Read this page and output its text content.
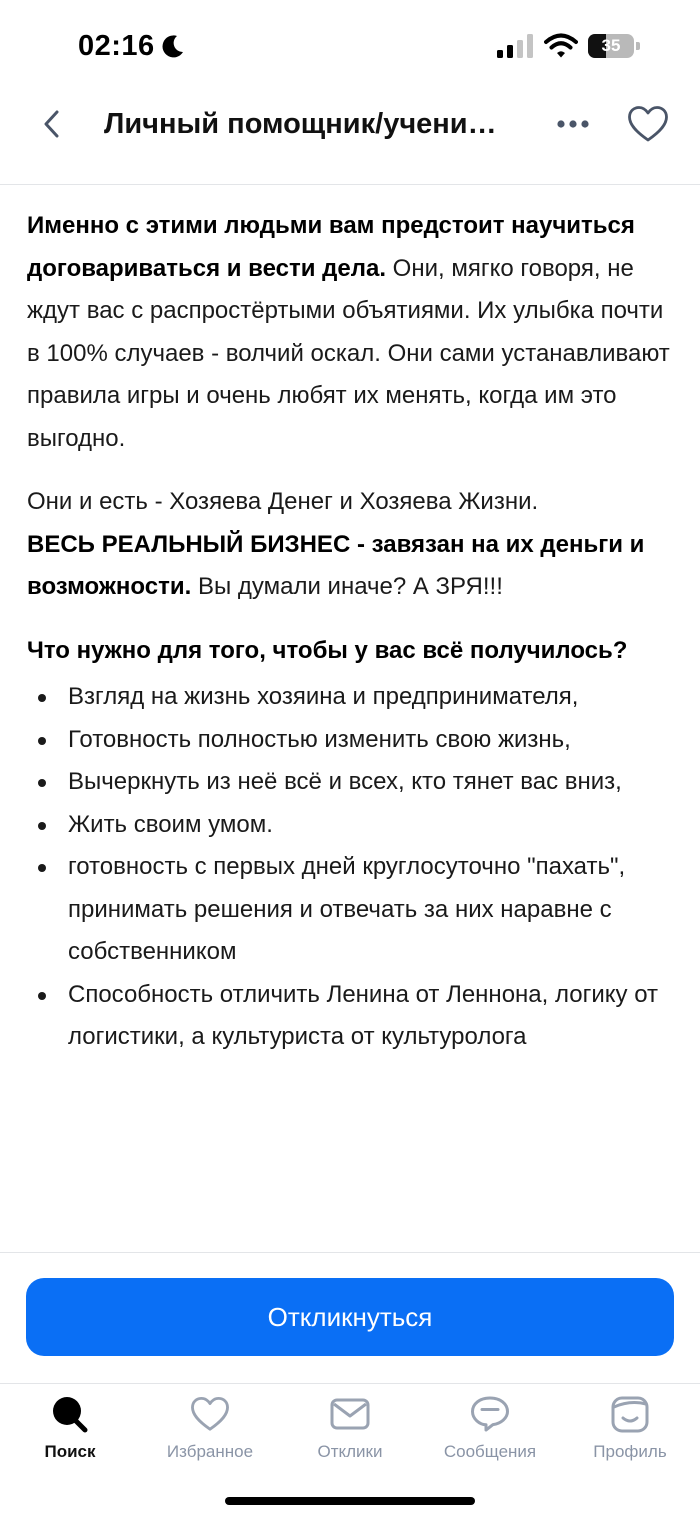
02:16	35
Личный помощник/учени…

Именно с этими людьми вам предстоит научиться договариваться и вести дела. Они, мягко говоря, не ждут вас с распростёртыми объятиями. Их улыбка почти в 100% случаев - волчий оскал. Они сами устанавливают правила игры и очень любят их менять, когда им это выгодно.

Они и есть - Хозяева Денег и Хозяева Жизни.
ВЕСЬ РЕАЛЬНЫЙ БИЗНЕС - завязан на их деньги и возможности. Вы думали иначе? А ЗРЯ!!!

Что нужно для того, чтобы у вас всё получилось?

Взгляд на жизнь хозяина и предпринимателя,
Готовность полностью изменить свою жизнь,
Вычеркнуть из неё всё и всех, кто тянет вас вниз,
Жить своим умом.
готовность с первых дней круглосуточно "пахать", принимать решения и отвечать за них наравне с собственником
Способность отличить Ленина от Леннона, логику от логистики, а культуриста от культуролога
Откликнуться
Поиск	Избранное	Отклики	Сообщения	Профиль
